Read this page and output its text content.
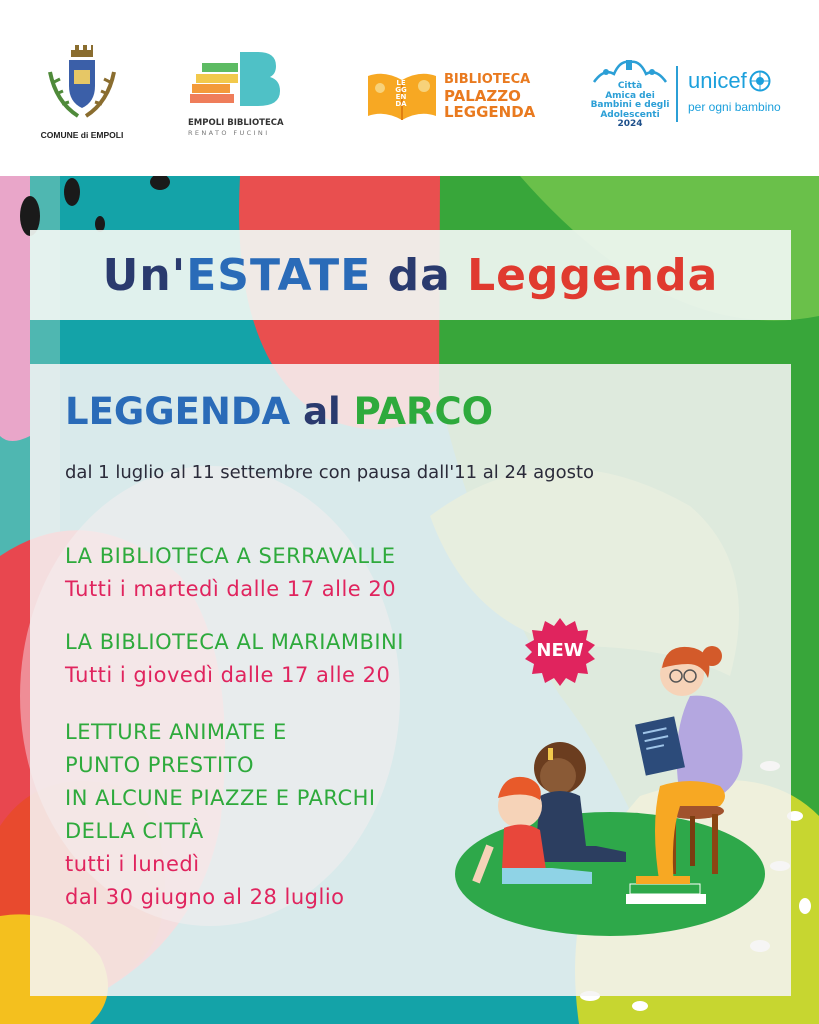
COMUNE di EMPOLI
EMPOLI BIBLIOTECA
RENATO FUCINI
LEGGENDA
BIBLIOTECA
PALAZZO
LEGGENDA
Città
Amica dei
Bambini e degli
Adolescenti
2024
unicef
per ogni bambino
Un'ESTATE da Leggenda
LEGGENDA al PARCO
dal 1 luglio al 11 settembre con pausa dall'11 al 24 agosto
LA BIBLIOTECA A SERRAVALLE
Tutti i martedì dalle 17 alle 20
LA BIBLIOTECA AL MARIAMBINI
Tutti i giovedì dalle 17 alle 20
NEW
LETTURE ANIMATE E
PUNTO PRESTITO
IN ALCUNE PIAZZE E PARCHI
DELLA CITTÀ
tutti i lunedì
dal 30 giugno al 28 luglio
